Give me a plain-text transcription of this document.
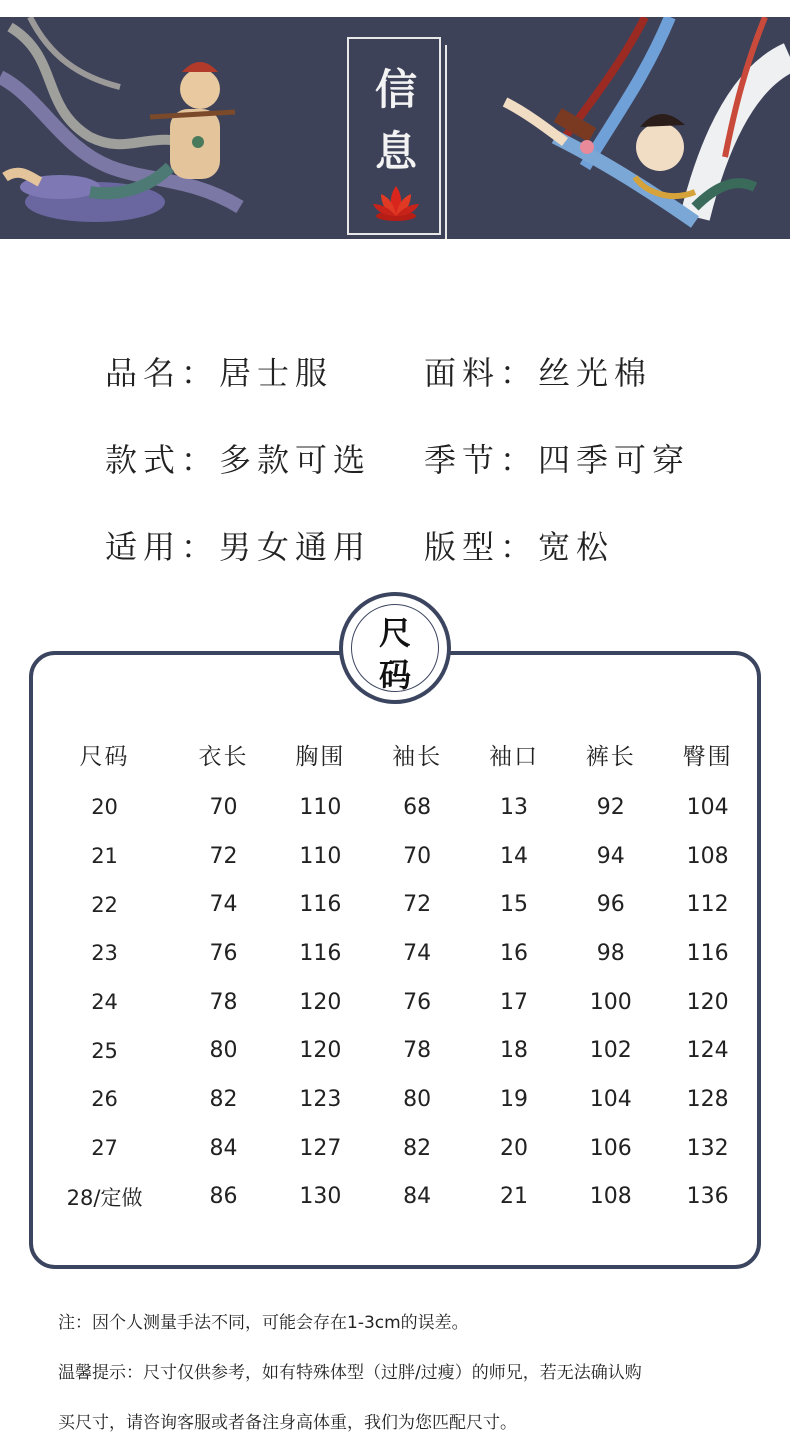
信
息
品名：居士服	面料：丝光棉
款式：多款可选 季节：四季可穿
适用：男女通用 版型：宽松
尺
码
尺码	衣长	胸围	袖长	袖口	裤长	臀围
20	70	110	68	13	92	104
21	72	110	70	14	94	108
22	74	116	72	15	96	112
23	76	116	74	16	98	116
24	78	120	76	17	100	120
25	80	120	78	18	102	124
26	82	123	80	19	104	128
27	84	127	82	20	106	132
28/定做	86	130	84	21	108	136
注：因个人测量手法不同，可能会存在1-3cm的误差。
温馨提示：尺寸仅供参考，如有特殊体型（过胖/过瘦）的师兄，若无法确认购
买尺寸，请咨询客服或者备注身高体重，我们为您匹配尺寸。
